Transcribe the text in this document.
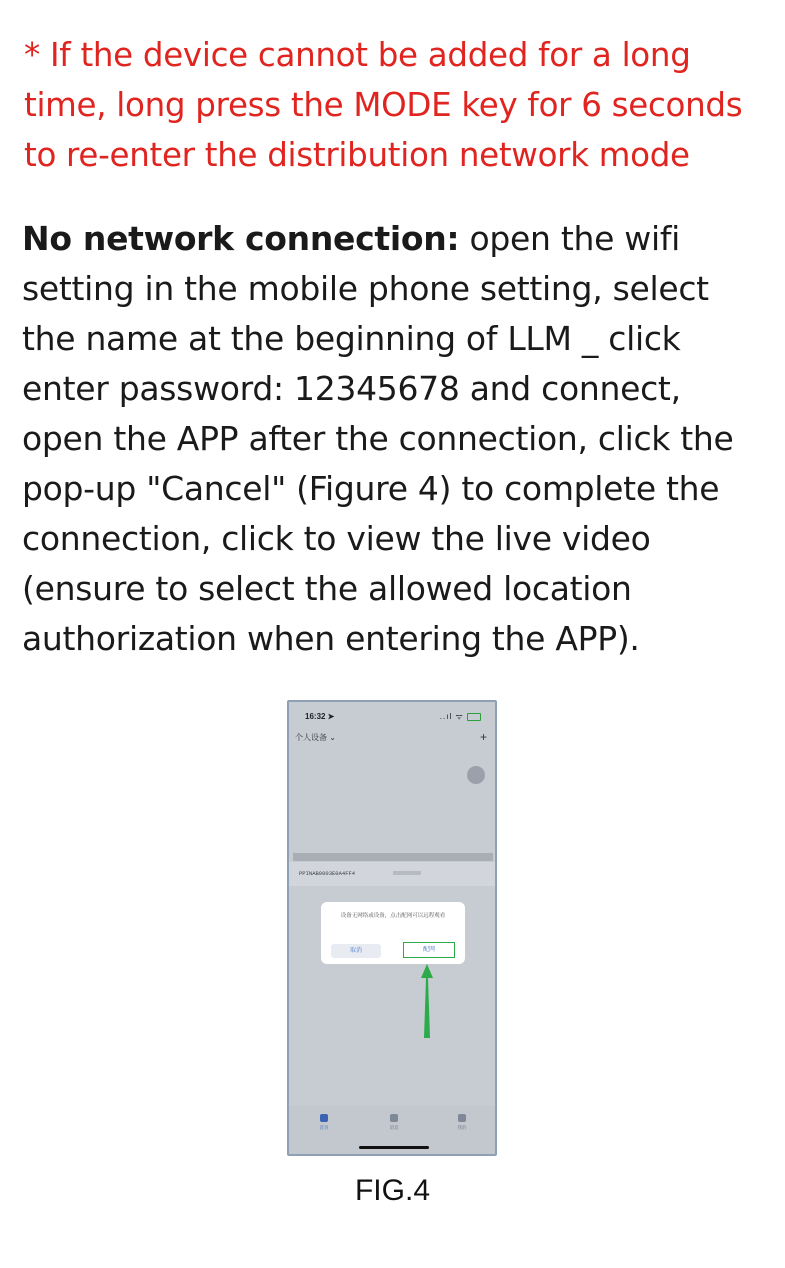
* If the device cannot be added for a long
time, long press the MODE key for 6 seconds
to re-enter the distribution network mode
No network connection: open the wifi
setting in the mobile phone setting, select
the name at the beginning of LLM _ click
enter password: 12345678 and connect,
open the APP after the connection, click the
pop-up "Cancel" (Figure 4) to complete the
connection, click to view the live video
(ensure to select the allowed location
authorization when entering the APP).
16:32 ➤	..ıl ᯤ
个人设备 ⌄	+
PPINAB0003E0A4FF4
设备无网络或设备，点击配网可以远程观看
取消	配网
首页	消息	我的
FIG.4
